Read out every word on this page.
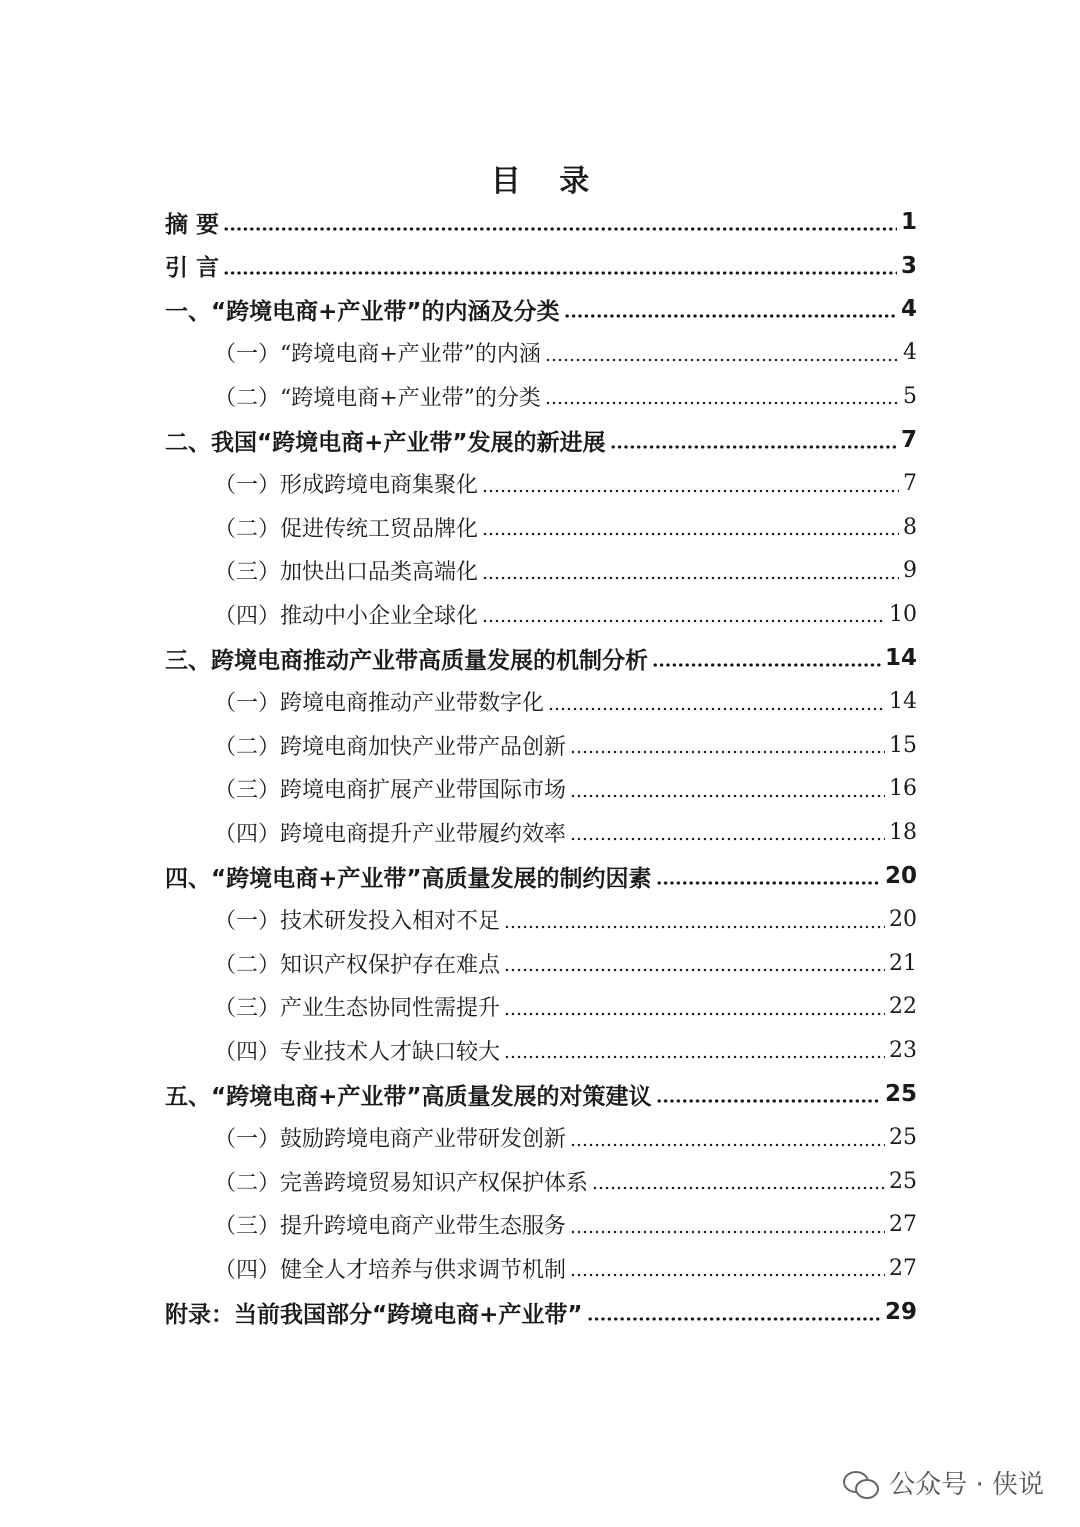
目 录
摘 要	1
引 言	3
一、“跨境电商+产业带”的内涵及分类	4
（一）“跨境电商+产业带”的内涵	4
（二）“跨境电商+产业带”的分类	5
二、我国“跨境电商+产业带”发展的新进展	7
（一）形成跨境电商集聚化	7
（二）促进传统工贸品牌化	8
（三）加快出口品类高端化	9
（四）推动中小企业全球化	10
三、跨境电商推动产业带高质量发展的机制分析	14
（一）跨境电商推动产业带数字化	14
（二）跨境电商加快产业带产品创新	15
（三）跨境电商扩展产业带国际市场	16
（四）跨境电商提升产业带履约效率	18
四、“跨境电商+产业带”高质量发展的制约因素	20
（一）技术研发投入相对不足	20
（二）知识产权保护存在难点	21
（三）产业生态协同性需提升	22
（四）专业技术人才缺口较大	23
五、“跨境电商+产业带”高质量发展的对策建议	25
（一）鼓励跨境电商产业带研发创新	25
（二）完善跨境贸易知识产权保护体系	25
（三）提升跨境电商产业带生态服务	27
（四）健全人才培养与供求调节机制	27
附录：当前我国部分“跨境电商+产业带”	29
公众号 · 侠说
